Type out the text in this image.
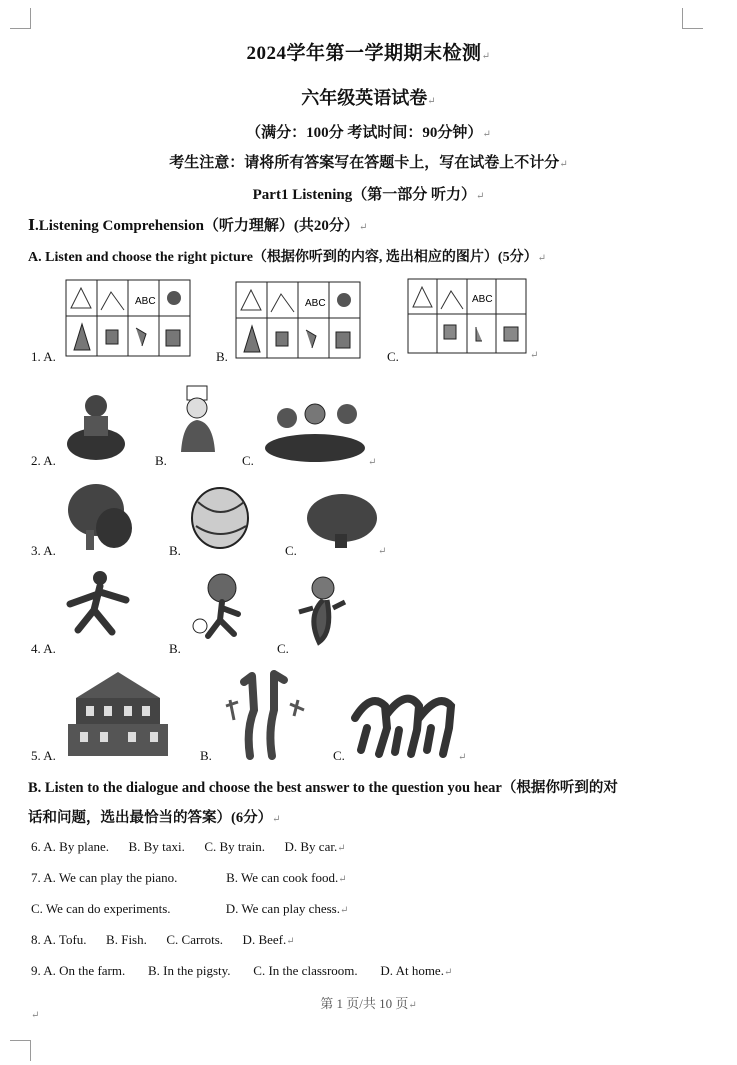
2024学年第一学期期末检测↵
六年级英语试卷↵
（满分：100分 考试时间：90分钟）↵
考生注意：请将所有答案写在答题卡上，写在试卷上不计分↵
Part1 Listening（第一部分 听力）↵
Ⅰ.Listening Comprehension（听力理解）(共20分）↵
A. Listen and choose the right picture（根据你听到的内容, 选出相应的图片）(5分）↵
1. A.
ABC
B.
ABC
C.
ABC
↵
2. A.	B.	C.	↵
3. A.	B.	C.	↵
4. A.	B.	C.
5. A.	B.	C.	↵
B. Listen to the dialogue and choose the best answer to the question you hear（根据你听到的对
话和问题，选出最恰当的答案）(6分）↵
6. A. By plane.      B. By taxi.      C. By train.      D. By car.↵
7. A. We can play the piano.               B. We can cook food.↵
C. We can do experiments.                 D. We can play chess.↵
8. A. Tofu.      B. Fish.      C. Carrots.      D. Beef.↵
9. A. On the farm.       B. In the pigsty.       C. In the classroom.       D. At home.↵
第 1 页/共 10 页↵
↵
